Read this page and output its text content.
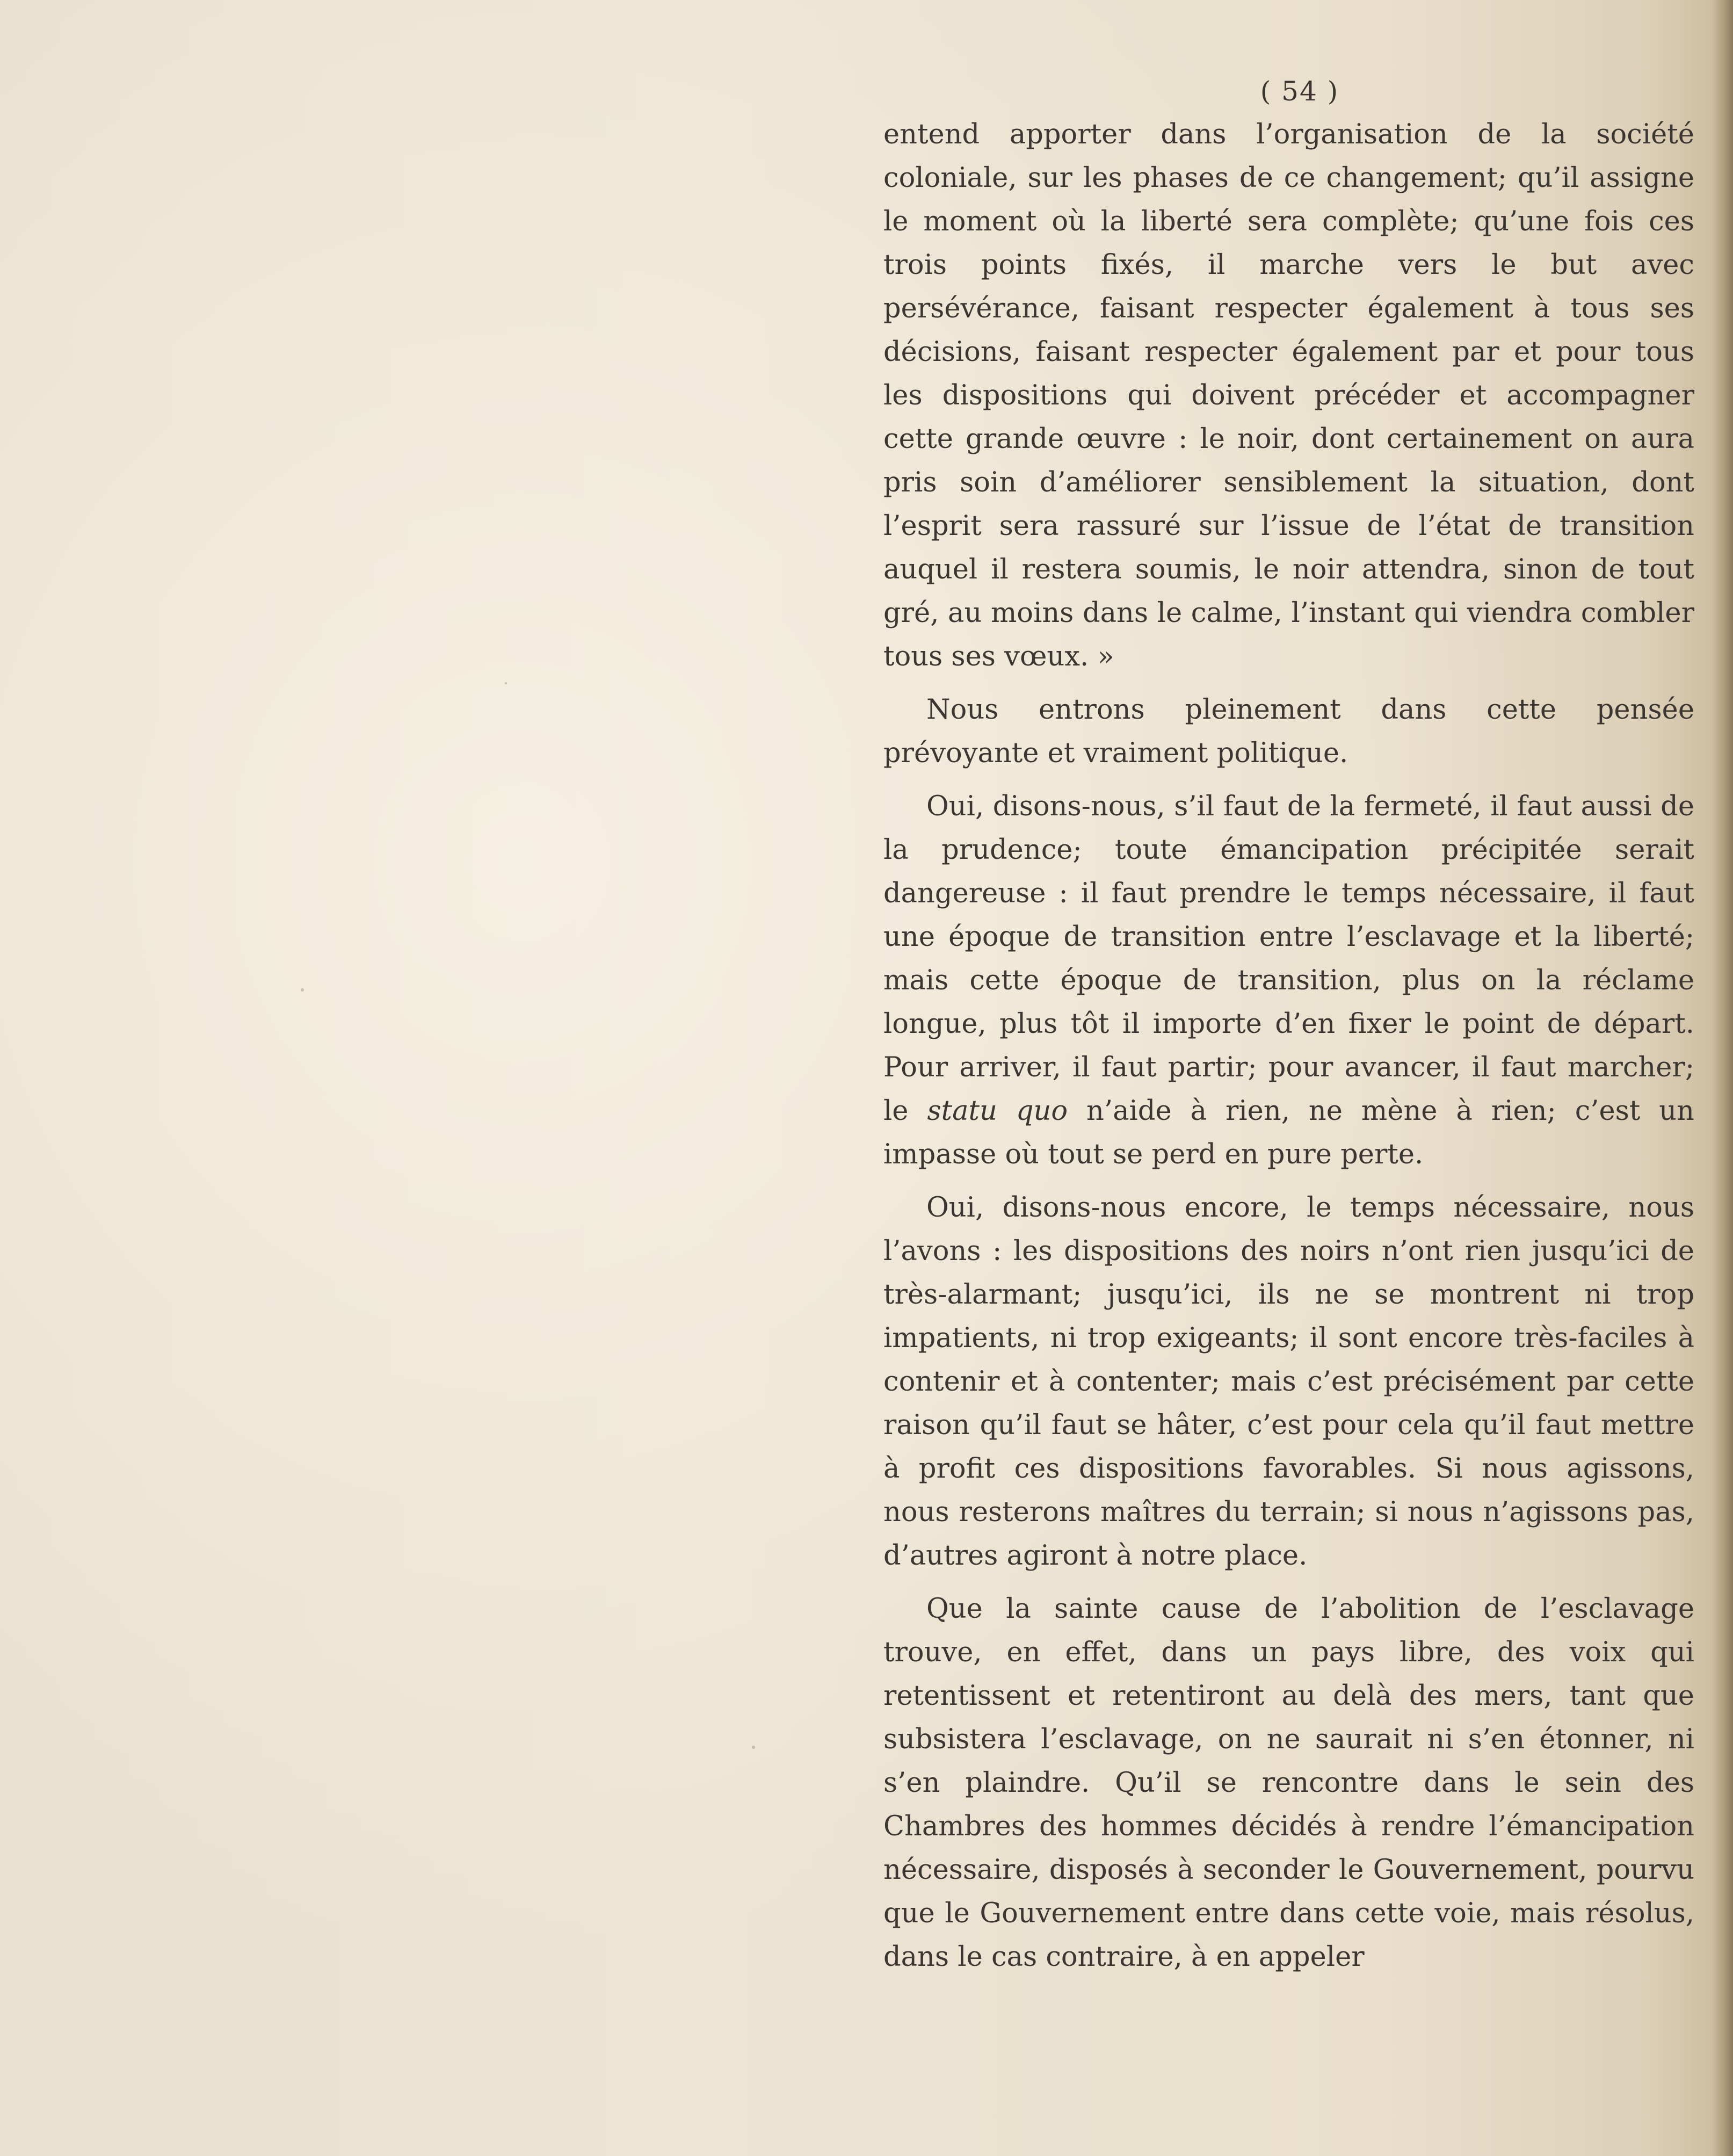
( 54 )

entend apporter dans l’organisation de la société coloniale, sur les phases de ce changement; qu’il assigne le moment où la liberté sera complète; qu’une fois ces trois points fixés, il marche vers le but avec persévérance, faisant respecter également à tous ses décisions, faisant respecter également par et pour tous les dispositions qui doivent précéder et accompagner cette grande œuvre : le noir, dont certainement on aura pris soin d’améliorer sensiblement la situation, dont l’esprit sera rassuré sur l’issue de l’état de transition auquel il restera soumis, le noir attendra, sinon de tout gré, au moins dans le calme, l’instant qui viendra combler tous ses vœux. »

Nous entrons pleinement dans cette pensée prévoyante et vraiment politique.

Oui, disons-nous, s’il faut de la fermeté, il faut aussi de la prudence; toute émancipation précipitée serait dangereuse : il faut prendre le temps nécessaire, il faut une époque de transition entre l’esclavage et la liberté; mais cette époque de transition, plus on la réclame longue, plus tôt il importe d’en fixer le point de départ. Pour arriver, il faut partir; pour avancer, il faut marcher; le statu quo n’aide à rien, ne mène à rien; c’est un impasse où tout se perd en pure perte.

Oui, disons-nous encore, le temps nécessaire, nous l’avons : les dispositions des noirs n’ont rien jusqu’ici de très-alarmant; jusqu’ici, ils ne se montrent ni trop impatients, ni trop exigeants; il sont encore très-faciles à contenir et à contenter; mais c’est précisément par cette raison qu’il faut se hâter, c’est pour cela qu’il faut mettre à profit ces dispositions favorables. Si nous agissons, nous resterons maîtres du terrain; si nous n’agissons pas, d’autres agiront à notre place.

Que la sainte cause de l’abolition de l’esclavage trouve, en effet, dans un pays libre, des voix qui retentissent et retentiront au delà des mers, tant que subsistera l’esclavage, on ne saurait ni s’en étonner, ni s’en plaindre. Qu’il se rencontre dans le sein des Chambres des hommes décidés à rendre l’émancipation nécessaire, disposés à seconder le Gouvernement, pourvu que le Gouvernement entre dans cette voie, mais résolus, dans le cas contraire, à en appeler
